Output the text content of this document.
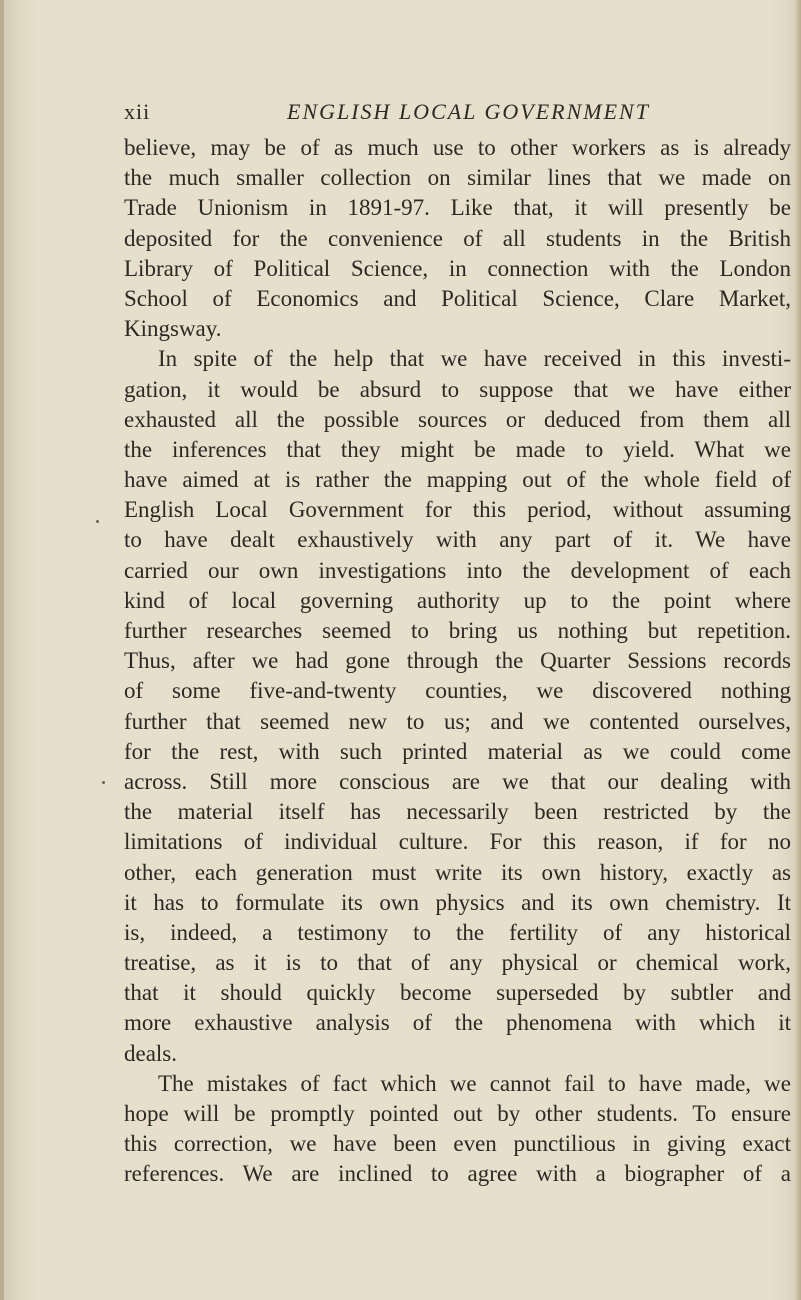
xii	ENGLISH LOCAL GOVERNMENT
believe, may be of as much use to other workers as is already
the much smaller collection on similar lines that we made on
Trade Unionism in 1891-97. Like that, it will presently be
deposited for the convenience of all students in the British
Library of Political Science, in connection with the London
School of Economics and Political Science, Clare Market,
Kingsway.
In spite of the help that we have received in this investi-
gation, it would be absurd to suppose that we have either
exhausted all the possible sources or deduced from them all
the inferences that they might be made to yield. What we
have aimed at is rather the mapping out of the whole field of
English Local Government for this period, without assuming
to have dealt exhaustively with any part of it. We have
carried our own investigations into the development of each
kind of local governing authority up to the point where
further researches seemed to bring us nothing but repetition.
Thus, after we had gone through the Quarter Sessions records
of some five-and-twenty counties, we discovered nothing
further that seemed new to us; and we contented ourselves,
for the rest, with such printed material as we could come
across. Still more conscious are we that our dealing with
the material itself has necessarily been restricted by the
limitations of individual culture. For this reason, if for no
other, each generation must write its own history, exactly as
it has to formulate its own physics and its own chemistry. It
is, indeed, a testimony to the fertility of any historical
treatise, as it is to that of any physical or chemical work,
that it should quickly become superseded by subtler and
more exhaustive analysis of the phenomena with which it
deals.
The mistakes of fact which we cannot fail to have made, we
hope will be promptly pointed out by other students. To ensure
this correction, we have been even punctilious in giving exact
references. We are inclined to agree with a biographer of a
